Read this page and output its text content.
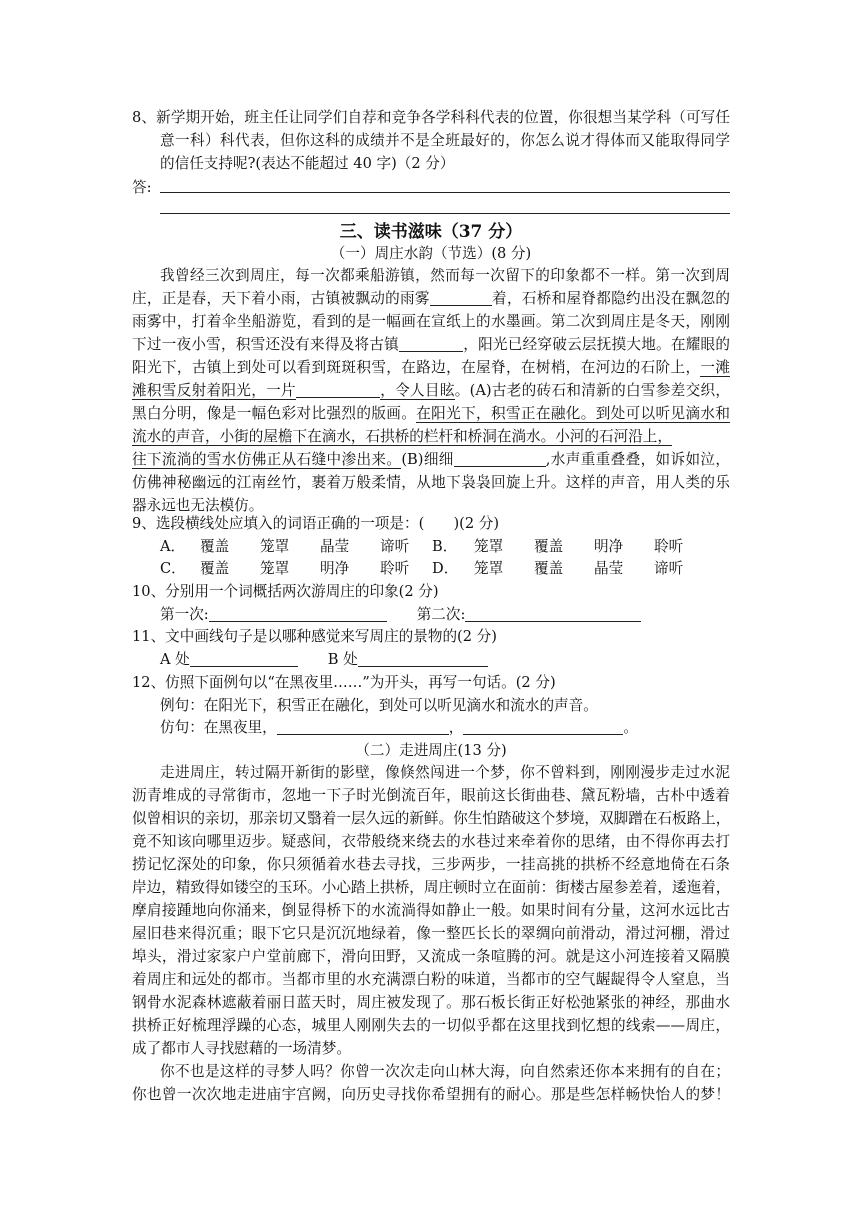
8、新学期开始，班主任让同学们自荐和竞争各学科科代表的位置，你很想当某学科（可写任
意一科）科代表，但你这科的成绩并不是全班最好的，你怎么说才得体而又能取得同学
的信任支持呢?(表达不能超过 40 字)（2 分）
答:
三、读书滋味（37 分）
（一）周庄水韵（节选）(8 分)
我曾经三次到周庄，每一次都乘船游镇，然而每一次留下的印象都不一样。第一次到周
庄，正是春，天下着小雨，古镇被飘动的雨雾	着，石桥和屋脊都隐约出没在飘忽的
雨雾中，打着伞坐船游览，看到的是一幅画在宣纸上的水墨画。第二次到周庄是冬天，刚刚
下过一夜小雪，积雪还没有来得及将古镇	，阳光已经穿破云层抚摸大地。在耀眼的
阳光下，古镇上到处可以看到斑斑积雪，在路边，在屋脊，在树梢，在河边的石阶上，一滩
滩积雪反射着阳光，一片	，令人目眩。(A)古老的砖石和清新的白雪参差交织，
黑白分明，像是一幅色彩对比强烈的版画。在阳光下，积雪正在融化。到处可以听见滴水和
流水的声音，小街的屋檐下在滴水，石拱桥的栏杆和桥洞在淌水。小河的石河沿上，
往下流淌的雪水仿佛正从石缝中渗出来。(B)细细	,水声重重叠叠，如诉如泣，
仿佛神秘幽远的江南丝竹，裹着万般柔情，从地下袅袅回旋上升。这样的声音，用人类的乐
器永远也无法模仿。
9、选段横线处应填入的词语正确的一项是：(　　)(2 分)
A． 覆盖 笼罩 晶莹 谛听 B． 笼罩 覆盖 明净 聆听
C． 覆盖 笼罩 明净 聆听 D． 笼罩 覆盖 晶莹 谛听
10、分别用一个词概括两次游周庄的印象(2 分)
第一次:	第二次:
11、文中画线句子是以哪种感觉来写周庄的景物的(2 分)
A 处	B 处
12、仿照下面例句以“在黑夜里……”为开头，再写一句话。(2 分)
例句：在阳光下，积雪正在融化，到处可以听见滴水和流水的声音。
仿句：在黑夜里，	，	。
（二）走进周庄(13 分)
走进周庄，转过隔开新街的影壁，像倏然闯进一个梦，你不曾料到，刚刚漫步走过水泥
沥青堆成的寻常街市，忽地一下子时光倒流百年，眼前这长街曲巷、黛瓦粉墙，古朴中透着
似曾相识的亲切，那亲切又翳着一层久远的新鲜。你生怕踏破这个梦境，双脚蹭在石板路上，
竟不知该向哪里迈步。疑惑间，衣带般绕来绕去的水巷过来牵着你的思绪，由不得你再去打
捞记忆深处的印象，你只须循着水巷去寻找，三步两步，一挂高挑的拱桥不经意地倚在石条
岸边，精致得如镂空的玉环。小心踏上拱桥，周庄顿时立在面前：街楼古屋参差着，逶迤着，
摩肩接踵地向你涌来，倒显得桥下的水流淌得如静止一般。如果时间有分量，这河水远比古
屋旧巷来得沉重；眼下它只是沉沉地绿着，像一整匹长长的翠绸向前滑动，滑过河棚，滑过
埠头，滑过家家户户堂前廊下，滑向田野，又流成一条喧腾的河。就是这小河连接着又隔膜
着周庄和远处的都市。当都市里的水充满漂白粉的味道，当都市的空气龌龊得令人窒息，当
钢骨水泥森林遮蔽着丽日蓝天时，周庄被发现了。那石板长街正好松弛紧张的神经，那曲水
拱桥正好梳理浮躁的心态，城里人刚刚失去的一切似乎都在这里找到忆想的线索——周庄，
成了都市人寻找慰藉的一场清梦。
你不也是这样的寻梦人吗？你曾一次次走向山林大海，向自然索还你本来拥有的自在；
你也曾一次次地走进庙宇宫阙，向历史寻找你希望拥有的耐心。那是些怎样畅快怡人的梦！
